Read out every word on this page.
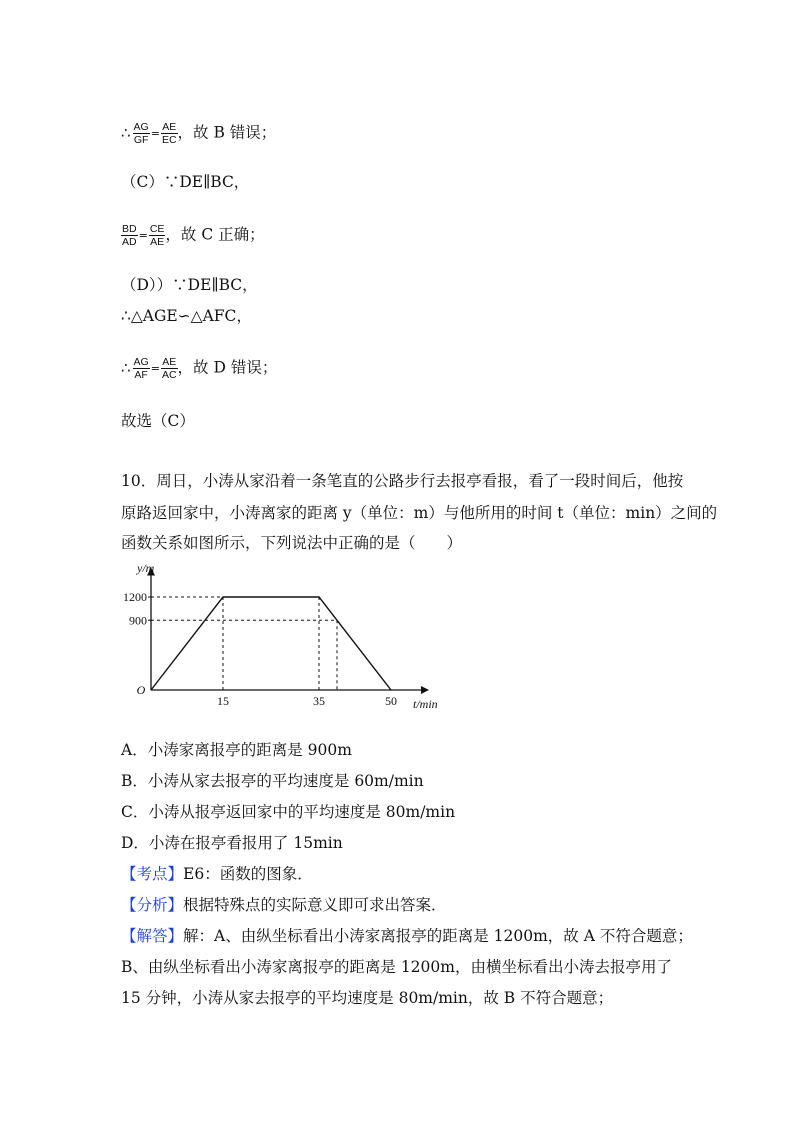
∴ $\frac{AG}{GF} = \frac{AE}{EC}$ ，故 B 错误；
（C）∵DE∥BC，
$\frac{BD}{AD} = \frac{CE}{AE}$ ，故 C 正确；
（D））∵DE∥BC，
∴△AGE∽△AFC，
∴ $\frac{AG}{AF} = \frac{AE}{AC}$ ，故 D 错误；
故选（C）
10．周日，小涛从家沿着一条笔直的公路步行去报亭看报，看了一段时间后，他按
原路返回家中，小涛离家的距离 y（单位：m）与他所用的时间 t（单位：min）之间的
函数关系如图所示，下列说法中正确的是（　　）
1200
900
15	35	50
O
y/m
t/min
A．小涛家离报亭的距离是 900m
B．小涛从家去报亭的平均速度是 60m/min
C．小涛从报亭返回家中的平均速度是 80m/min
D．小涛在报亭看报用了 15min
【考点】E6：函数的图象．
【分析】根据特殊点的实际意义即可求出答案．
【解答】解：A、由纵坐标看出小涛家离报亭的距离是 1200m，故 A 不符合题意；
B、由纵坐标看出小涛家离报亭的距离是 1200m，由横坐标看出小涛去报亭用了
15 分钟，小涛从家去报亭的平均速度是 80m/min，故 B 不符合题意；
